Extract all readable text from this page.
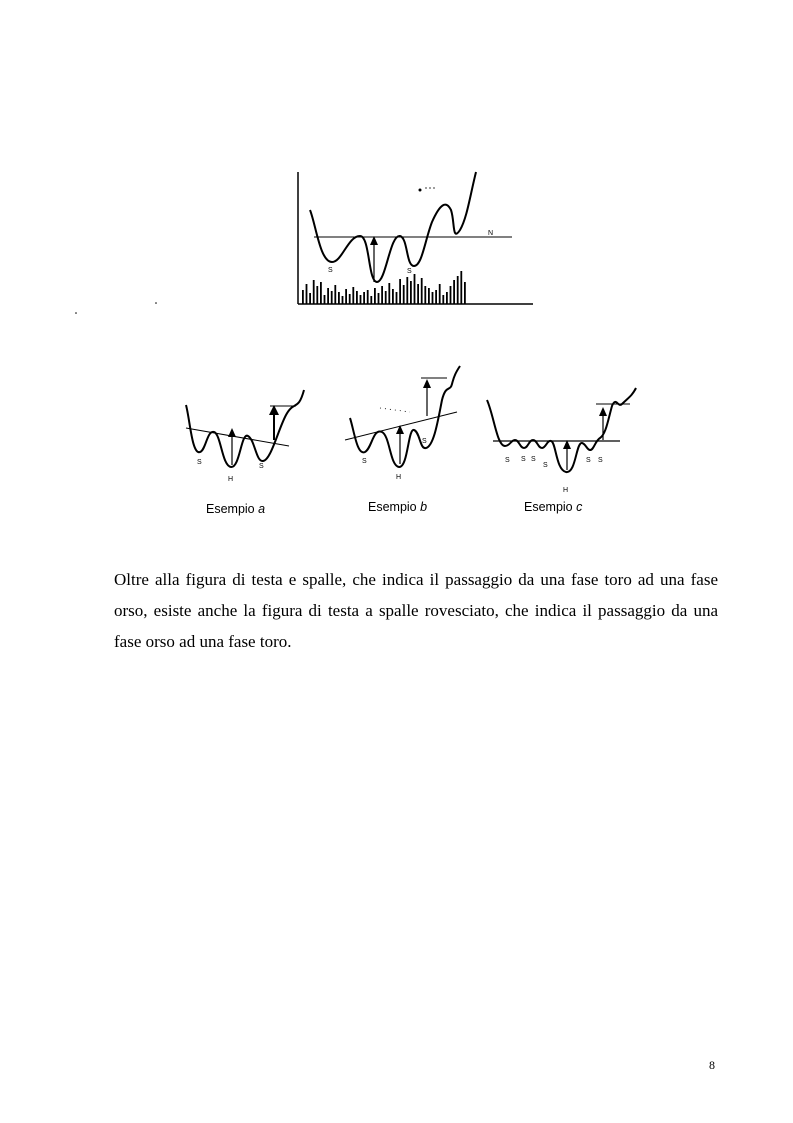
S	S
N
S
H
S
S
H
S
S S S
S
H
S S
Esempio a	Esempio b	Esempio c

Oltre alla figura di testa e spalle, che indica il passaggio da una fase toro ad una fase orso, esiste anche la figura di testa a spalle rovesciato, che indica il passaggio da una fase orso ad una fase toro.

8
